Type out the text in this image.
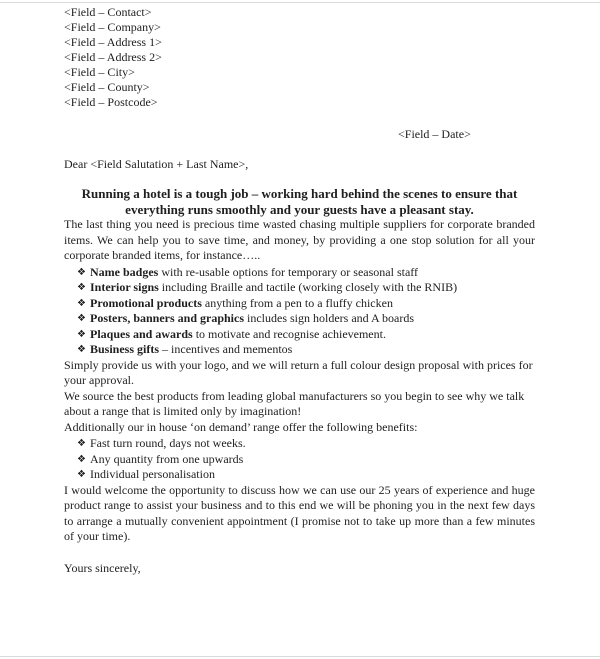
<Field – Contact>
<Field – Company>
<Field – Address 1>
<Field – Address 2>
<Field – City>
<Field – County>
<Field – Postcode>
<Field – Date>
Dear <Field Salutation + Last Name>,
Running a hotel is a tough job – working hard behind the scenes to ensure that everything runs smoothly and your guests have a pleasant stay.

The last thing you need is precious time wasted chasing multiple suppliers for corporate branded items. We can help you to save time, and money, by providing a one stop solution for all your corporate branded items, for instance…..

❖ Name badges with re-usable options for temporary or seasonal staff
❖ Interior signs including Braille and tactile (working closely with the RNIB)
❖ Promotional products anything from a pen to a fluffy chicken
❖ Posters, banners and graphics includes sign holders and A boards
❖ Plaques and awards to motivate and recognise achievement.
❖ Business gifts – incentives and mementos

Simply provide us with your logo, and we will return a full colour design proposal with prices for your approval.

We source the best products from leading global manufacturers so you begin to see why we talk about a range that is limited only by imagination!

Additionally our in house ‘on demand’ range offer the following benefits:

❖ Fast turn round, days not weeks.
❖ Any quantity from one upwards
❖ Individual personalisation

I would welcome the opportunity to discuss how we can use our 25 years of experience and huge product range to assist your business and to this end we will be phoning you in the next few days to arrange a mutually convenient appointment (I promise not to take up more than a few minutes of your time).

Yours sincerely,
